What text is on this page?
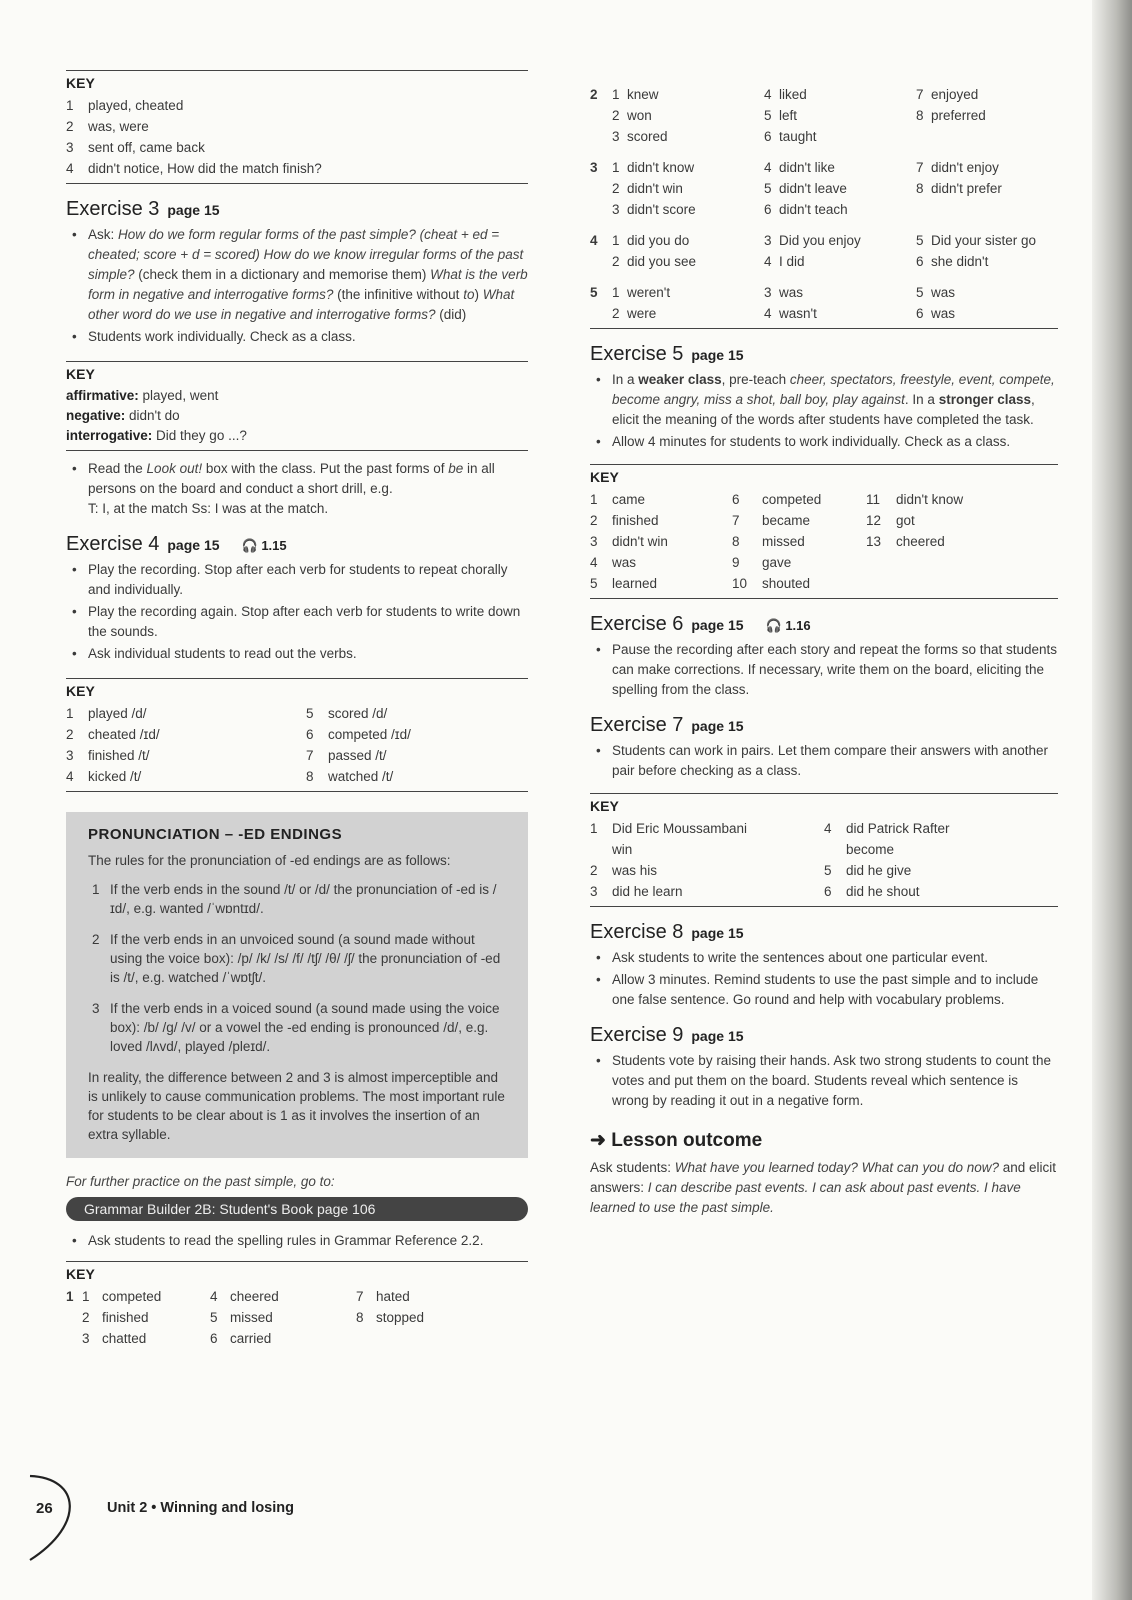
KEY
1 played, cheated
2 was, were
3 sent off, came back
4 didn't notice, How did the match finish?
Exercise 3 page 15
• Ask: How do we form regular forms of the past simple? (cheat + ed = cheated; score + d = scored) How do we know irregular forms of the past simple? (check them in a dictionary and memorise them) What is the verb form in negative and interrogative forms? (the infinitive without to) What other word do we use in negative and interrogative forms? (did)
• Students work individually. Check as a class.
KEY
affirmative: played, went
negative: didn't do
interrogative: Did they go ...?
• Read the Look out! box with the class. Put the past forms of be in all persons on the board and conduct a short drill, e.g.
T: I, at the match Ss: I was at the match.
Exercise 4 page 15 🎧 1.15
• Play the recording. Stop after each verb for students to repeat chorally and individually.
• Play the recording again. Stop after each verb for students to write down the sounds.
• Ask individual students to read out the verbs.
KEY
1	played /d/	5	scored /d/
2	cheated /ɪd/	6	competed /ɪd/
3	finished /t/	7	passed /t/
4	kicked /t/	8	watched /t/
PRONUNCIATION – -ED ENDINGS

The rules for the pronunciation of -ed endings are as follows:

1 If the verb ends in the sound /t/ or /d/ the pronunciation of -ed is /ɪd/, e.g. wanted /ˈwɒntɪd/.
2 If the verb ends in an unvoiced sound (a sound made without using the voice box): /p/ /k/ /s/ /f/ /tʃ/ /θ/ /ʃ/ the pronunciation of -ed is /t/, e.g. watched /ˈwɒtʃt/.
3 If the verb ends in a voiced sound (a sound made using the voice box): /b/ /g/ /v/ or a vowel the -ed ending is pronounced /d/, e.g. loved /lʌvd/, played /pleɪd/.

In reality, the difference between 2 and 3 is almost imperceptible and is unlikely to cause communication problems. The most important rule for students to be clear about is 1 as it involves the insertion of an extra syllable.

For further practice on the past simple, go to:
Grammar Builder 2B: Student's Book page 106
• Ask students to read the spelling rules in Grammar Reference 2.2.
KEY
1	1	competed	4	cheered	7	hated
	2	finished	5	missed	8	stopped
	3	chatted	6	carried		
2	1  knew	4  liked	7  enjoyed
	2  won	5  left	8  preferred
	3  scored	6  taught	
3	1  didn't know	4  didn't like	7  didn't enjoy
	2  didn't win	5  didn't leave	8  didn't prefer
	3  didn't score	6  didn't teach	
4	1  did you do	3  Did you enjoy	5  Did your sister go
	2  did you see	4  I did	6  she didn't
5	1  weren't	3  was	5  was
	2  were	4  wasn't	6  was
Exercise 5 page 15
• In a weaker class, pre-teach cheer, spectators, freestyle, event, compete, become angry, miss a shot, ball boy, play against. In a stronger class, elicit the meaning of the words after students have completed the task.
• Allow 4 minutes for students to work individually. Check as a class.
KEY
1	came	6	competed	11	didn't know
2	finished	7	became	12	got
3	didn't win	8	missed	13	cheered
4	was	9	gave		
5	learned	10	shouted		
Exercise 6 page 15 🎧 1.16
• Pause the recording after each story and repeat the forms so that students can make corrections. If necessary, write them on the board, eliciting the spelling from the class.
Exercise 7 page 15
• Students can work in pairs. Let them compare their answers with another pair before checking as a class.
KEY
1	Did Eric Moussambani	4	did Patrick Rafter
	win		become
2	was his	5	did he give
3	did he learn	6	did he shout
Exercise 8 page 15
• Ask students to write the sentences about one particular event.
• Allow 3 minutes. Remind students to use the past simple and to include one false sentence. Go round and help with vocabulary problems.
Exercise 9 page 15
• Students vote by raising their hands. Ask two strong students to count the votes and put them on the board. Students reveal which sentence is wrong by reading it out in a negative form.
➜ Lesson outcome
Ask students: What have you learned today? What can you do now? and elicit answers: I can describe past events. I can ask about past events. I have learned to use the past simple.
26	Unit 2 • Winning and losing
